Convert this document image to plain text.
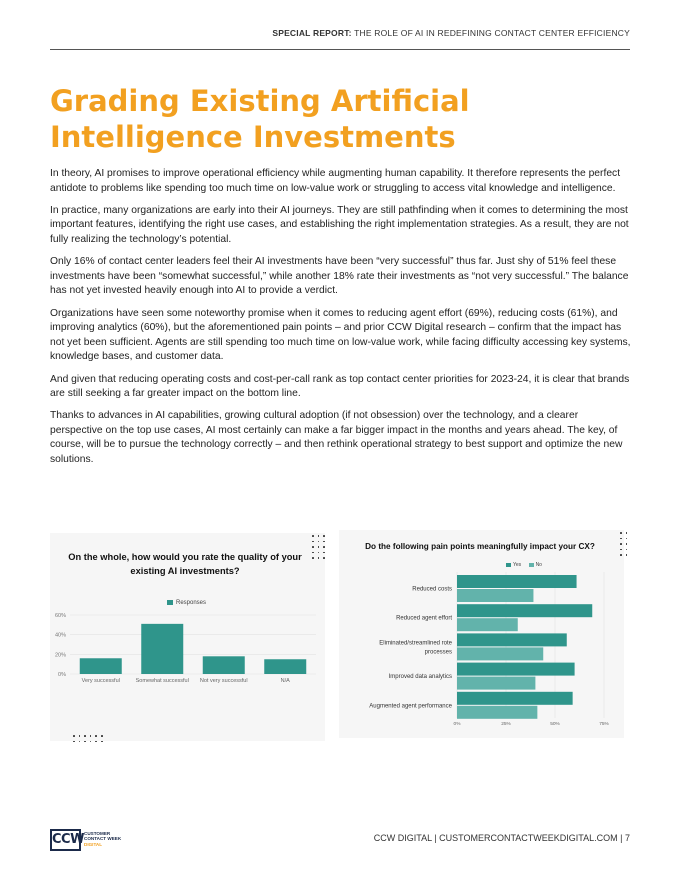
SPECIAL REPORT: THE ROLE OF AI IN REDEFINING CONTACT CENTER EFFICIENCY
Grading Existing Artificial Intelligence Investments

In theory, AI promises to improve operational efficiency while augmenting human capability. It therefore represents the perfect antidote to problems like spending too much time on low-value work or struggling to access vital knowledge and intelligence.

In practice, many organizations are early into their AI journeys. They are still pathfinding when it comes to determining the most important features, identifying the right use cases, and establishing the right implementation strategies. As a result, they are not fully realizing the technology’s potential.

Only 16% of contact center leaders feel their AI investments have been “very successful” thus far. Just shy of 51% feel these investments have been “somewhat successful,” while another 18% rate their investments as “not very successful.” The balance has not yet invested heavily enough into AI to provide a verdict.

Organizations have seen some noteworthy promise when it comes to reducing agent effort (69%), reducing costs (61%), and improving analytics (60%), but the aforementioned pain points – and prior CCW Digital research – confirm that the impact has not yet been sufficient. Agents are still spending too much time on low-value work, while facing difficulty accessing key systems, knowledge bases, and customer data.

And given that reducing operating costs and cost-per-call rank as top contact center priorities for 2023-24, it is clear that brands are still seeking a far greater impact on the bottom line.

Thanks to advances in AI capabilities, growing cultural adoption (if not obsession) over the technology, and a clearer perspective on the top use cases, AI most certainly can make a far bigger impact in the months and years ahead. The key, of course, will be to pursue the technology correctly – and then rethink operational strategy to best support and optimize the new solutions.

On the whole, how would you rate the quality of your existing AI investments?
Responses
0%
20%
40%
60%
Very successful	Somewhat successful Not very successful	N/A
Do the following pain points meaningfully impact your CX?
Yes	No
0%	25%	50%	75%
Reduced costs
Reduced agent effort
Eliminated/streamlined rote
processes
Improved data analytics
Augmented agent performance
CCW CUSTOMER
CONTACT WEEK
DIGITAL
CCW DIGITAL | CUSTOMERCONTACTWEEKDIGITAL.COM | 7
